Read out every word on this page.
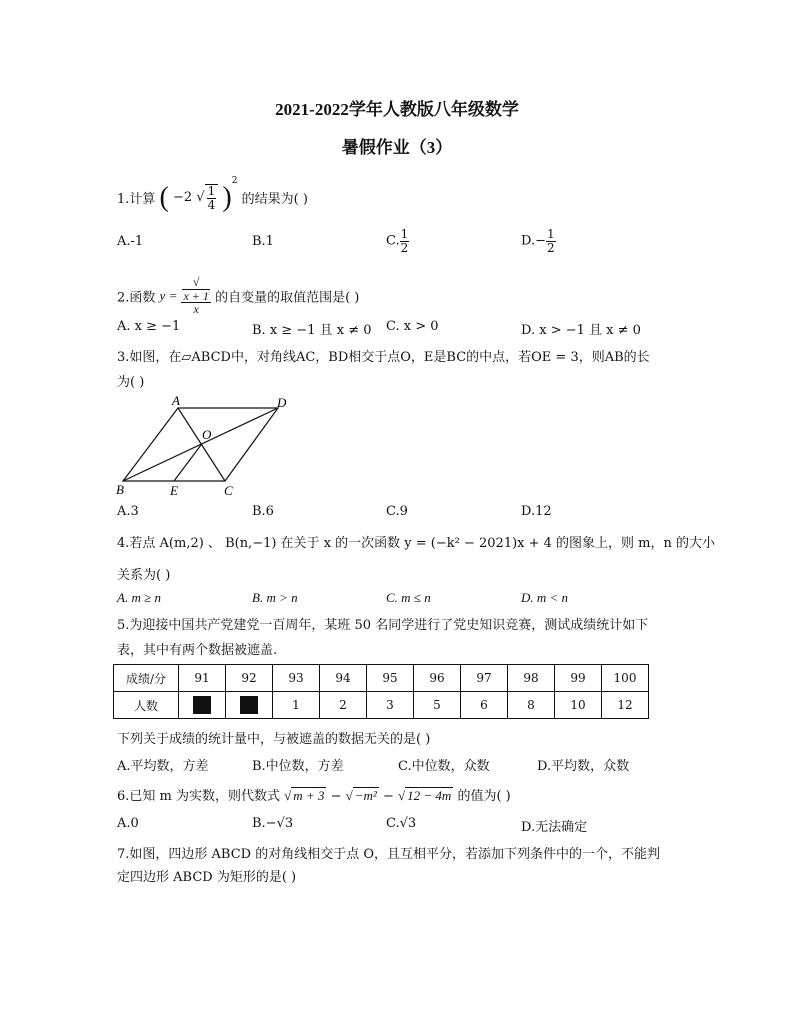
2021-2022学年人教版八年级数学
暑假作业（3）
1.计算 ( −2 √ $\frac{1}{4} )^2$ 的结果为( )
A.-1	B.1	C. $\frac{1}{2}$	$D.- \frac{1}{2}$
2.函数 y = √
x + 1
x 的自变量的取值范围是( )
A. x ≥ −1	B. x ≥ −1 且 x ≠ 0 C. x > 0	D. x > −1 且 x ≠ 0
3.如图，在▱ABCD中，对角线AC，BD相交于点O，E是BC的中点，若OE = 3，则AB的长
为( )
A	D
O
B	E	C
A.3	B.6	C.9	D.12
4.若点 A(m,2) 、 B(n,−1) 在关于 x 的一次函数 y = (−k² − 2021)x + 4 的图象上，则 m，n 的大小
关系为( )
A. m ≥ n	B. m > n	C. m ≤ n	D. m < n
5.为迎接中国共产党建党一百周年，某班 50 名同学进行了党史知识竞赛，测试成绩统计如下
表，其中有两个数据被遮盖.
成绩/分	91	92	93	94	95	96	97	98	99	100
人数			1	2	3	5	6	8	10	12
下列关于成绩的统计量中，与被遮盖的数据无关的是( )
A.平均数，方差	B.中位数，方差	C.中位数，众数	D.平均数，众数
6.已知 m 为实数，则代数式 √ m + 3 − √ −m² − √ 12 − 4m 的值为( )
A.0	B.−√3	C.√3	D.无法确定
7.如图，四边形 ABCD 的对角线相交于点 O，且互相平分，若添加下列条件中的一个，不能判
定四边形 ABCD 为矩形的是( )
